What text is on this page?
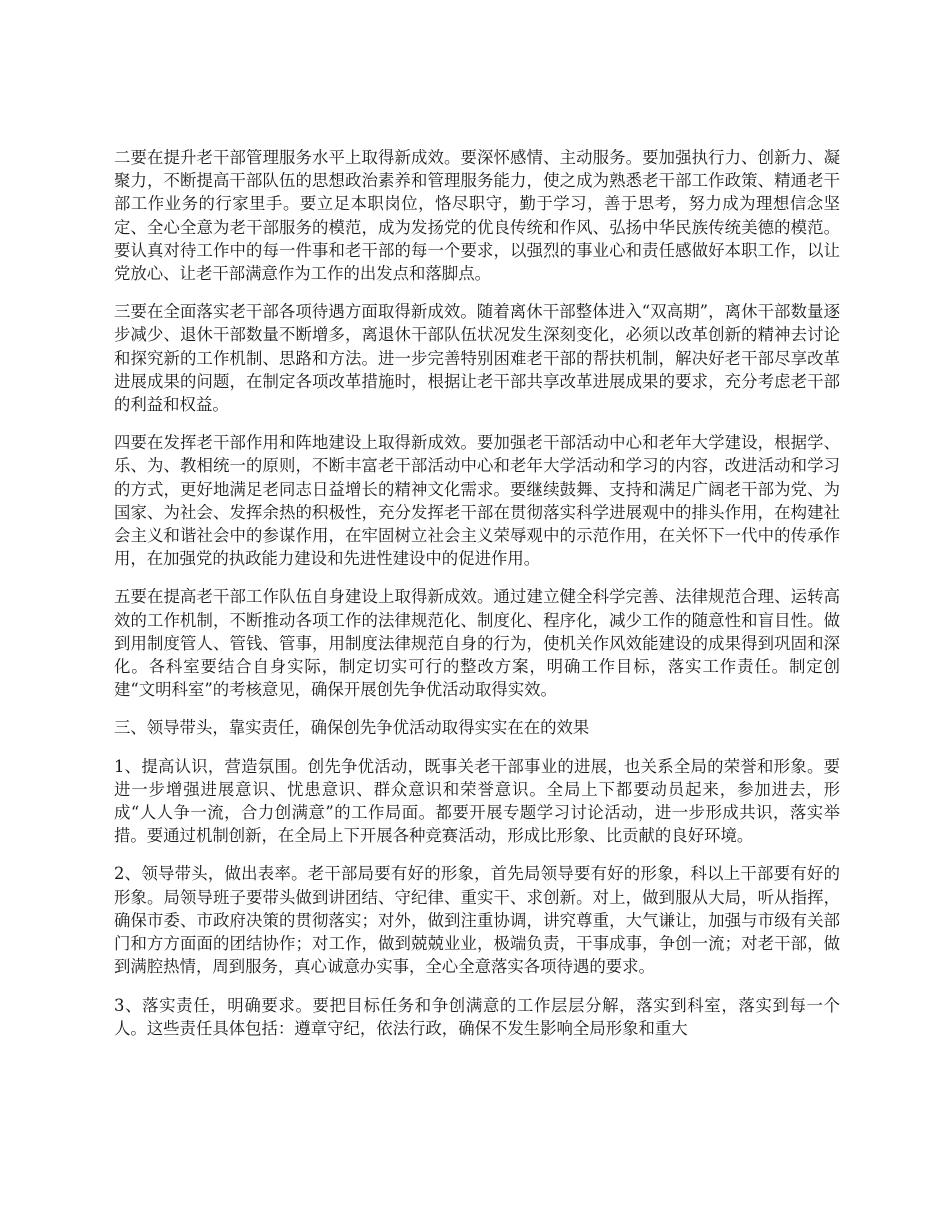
二要在提升老干部管理服务水平上取得新成效。要深怀感情、主动服务。要加强执行力、创新力、凝聚力，不断提高干部队伍的思想政治素养和管理服务能力，使之成为熟悉老干部工作政策、精通老干部工作业务的行家里手。要立足本职岗位，恪尽职守，勤于学习，善于思考，努力成为理想信念坚定、全心全意为老干部服务的模范，成为发扬党的优良传统和作风、弘扬中华民族传统美德的模范。要认真对待工作中的每一件事和老干部的每一个要求，以强烈的事业心和责任感做好本职工作，以让党放心、让老干部满意作为工作的出发点和落脚点。

三要在全面落实老干部各项待遇方面取得新成效。随着离休干部整体进入“双高期”，离休干部数量逐步减少、退休干部数量不断增多，离退休干部队伍状况发生深刻变化，必须以改革创新的精神去讨论和探究新的工作机制、思路和方法。进一步完善特别困难老干部的帮扶机制，解决好老干部尽享改革进展成果的问题，在制定各项改革措施时，根据让老干部共享改革进展成果的要求，充分考虑老干部的利益和权益。

四要在发挥老干部作用和阵地建设上取得新成效。要加强老干部活动中心和老年大学建设，根据学、乐、为、教相统一的原则，不断丰富老干部活动中心和老年大学活动和学习的内容，改进活动和学习的方式，更好地满足老同志日益增长的精神文化需求。要继续鼓舞、支持和满足广阔老干部为党、为国家、为社会、发挥余热的积极性，充分发挥老干部在贯彻落实科学进展观中的排头作用，在构建社会主义和谐社会中的参谋作用，在牢固树立社会主义荣辱观中的示范作用，在关怀下一代中的传承作用，在加强党的执政能力建设和先进性建设中的促进作用。

五要在提高老干部工作队伍自身建设上取得新成效。通过建立健全科学完善、法律规范合理、运转高效的工作机制，不断推动各项工作的法律规范化、制度化、程序化，减少工作的随意性和盲目性。做到用制度管人、管钱、管事，用制度法律规范自身的行为，使机关作风效能建设的成果得到巩固和深化。各科室要结合自身实际，制定切实可行的整改方案，明确工作目标，落实工作责任。制定创建“文明科室”的考核意见，确保开展创先争优活动取得实效。

三、领导带头，靠实责任，确保创先争优活动取得实实在在的效果

1、提高认识，营造氛围。创先争优活动，既事关老干部事业的进展，也关系全局的荣誉和形象。要进一步增强进展意识、忧患意识、群众意识和荣誉意识。全局上下都要动员起来，参加进去，形成“人人争一流，合力创满意”的工作局面。都要开展专题学习讨论活动，进一步形成共识，落实举措。要通过机制创新，在全局上下开展各种竞赛活动，形成比形象、比贡献的良好环境。

2、领导带头，做出表率。老干部局要有好的形象，首先局领导要有好的形象，科以上干部要有好的形象。局领导班子要带头做到讲团结、守纪律、重实干、求创新。对上，做到服从大局，听从指挥，确保市委、市政府决策的贯彻落实；对外，做到注重协调，讲究尊重，大气谦让，加强与市级有关部门和方方面面的团结协作；对工作，做到兢兢业业，极端负责，干事成事，争创一流；对老干部，做到满腔热情，周到服务，真心诚意办实事，全心全意落实各项待遇的要求。

3、落实责任，明确要求。要把目标任务和争创满意的工作层层分解，落实到科室，落实到每一个人。这些责任具体包括：遵章守纪，依法行政，确保不发生影响全局形象和重大
